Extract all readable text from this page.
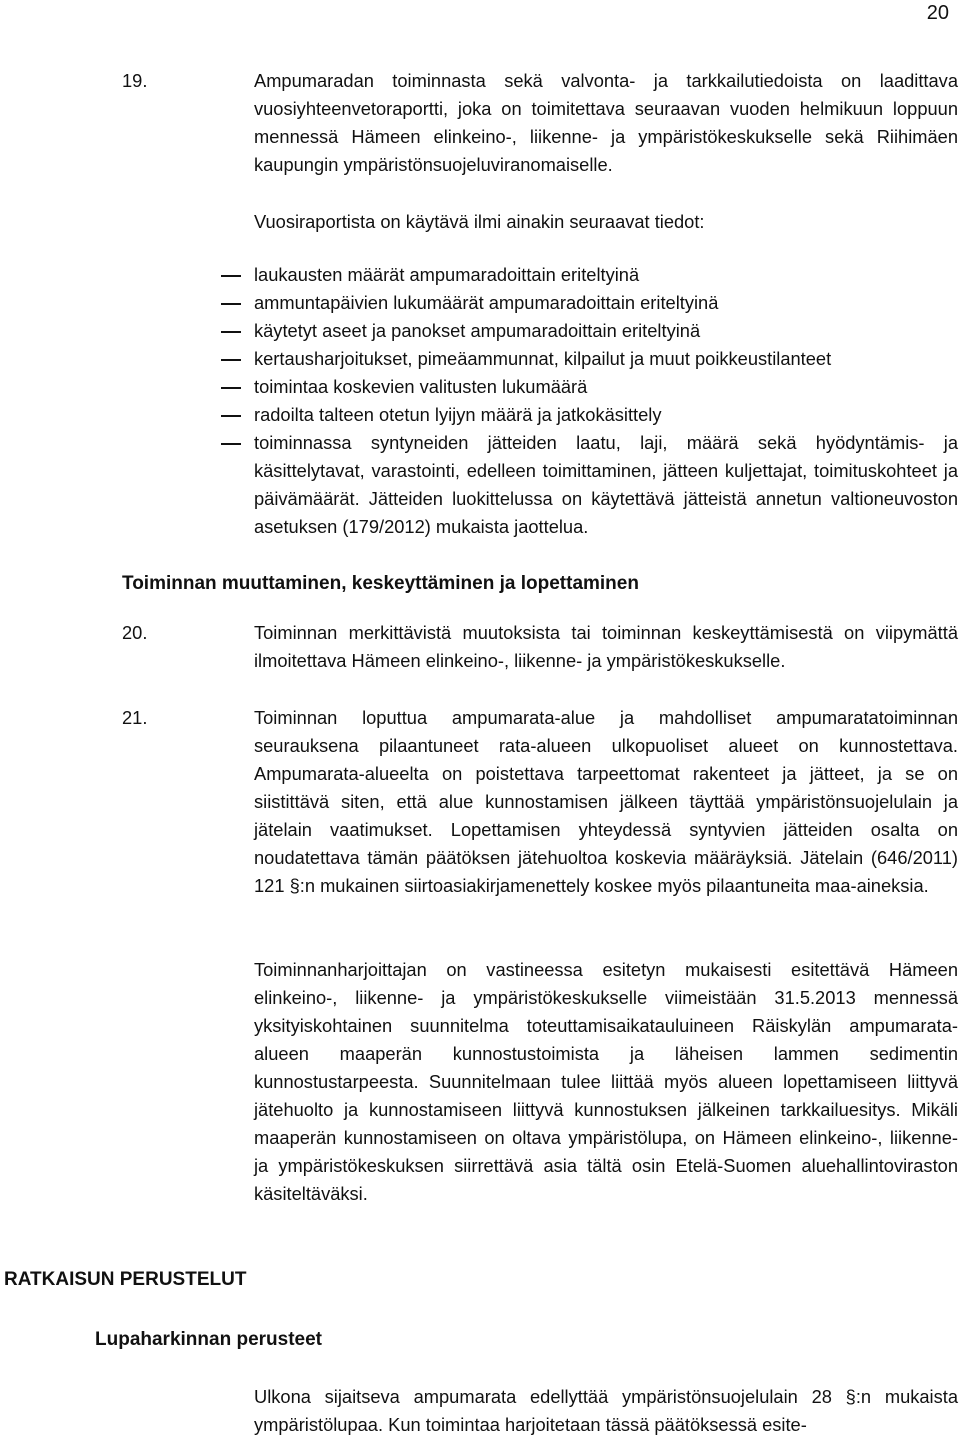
20
19.	Ampumaradan toiminnasta sekä valvonta- ja tarkkailutiedoista on laadittava vuosiyhteenvetoraportti, joka on toimitettava seuraavan vuoden helmikuun loppuun mennessä Hämeen elinkeino-, liikenne- ja ympäristökeskukselle sekä Riihimäen kaupungin ympäristönsuojeluviranomaiselle.
Vuosiraportista on käytävä ilmi ainakin seuraavat tiedot:
laukausten määrät ampumaradoittain eriteltyinä
ammuntapäivien lukumäärät ampumaradoittain eriteltyinä
käytetyt aseet ja panokset ampumaradoittain eriteltyinä
kertausharjoitukset, pimeäammunnat, kilpailut ja muut poikkeustilanteet
toimintaa koskevien valitusten lukumäärä
radoilta talteen otetun lyijyn määrä ja jatkokäsittely
toiminnassa syntyneiden jätteiden laatu, laji, määrä sekä hyödyntämis- ja käsittelytavat, varastointi, edelleen toimittaminen, jätteen kuljettajat, toimituskohteet ja päivämäärät. Jätteiden luokittelussa on käytettävä jätteistä annetun valtioneuvoston asetuksen (179/2012) mukaista jaottelua.
Toiminnan muuttaminen, keskeyttäminen ja lopettaminen
20.	Toiminnan merkittävistä muutoksista tai toiminnan keskeyttämisestä on viipymättä ilmoitettava Hämeen elinkeino-, liikenne- ja ympäristökeskukselle.
21.	Toiminnan loputtua ampumarata-alue ja mahdolliset ampumaratatoiminnan seurauksena pilaantuneet rata-alueen ulkopuoliset alueet on kunnostettava. Ampumarata-alueelta on poistettava tarpeettomat rakenteet ja jätteet, ja se on siistittävä siten, että alue kunnostamisen jälkeen täyttää ympäristönsuojelulain ja jätelain vaatimukset. Lopettamisen yhteydessä syntyvien jätteiden osalta on noudatettava tämän päätöksen jätehuoltoa koskevia määräyksiä. Jätelain (646/2011) 121 §:n mukainen siirtoasiakirjamenettely koskee myös pilaantuneita maa-aineksia.
Toiminnanharjoittajan on vastineessa esitetyn mukaisesti esitettävä Hämeen elinkeino-, liikenne- ja ympäristökeskukselle viimeistään 31.5.2013 mennessä yksityiskohtainen suunnitelma toteuttamisaikatauluineen Räiskylän ampumarata-alueen maaperän kunnostustoimista ja läheisen lammen sedimentin kunnostustarpeesta. Suunnitelmaan tulee liittää myös alueen lopettamiseen liittyvä jätehuolto ja kunnostamiseen liittyvä kunnostuksen jälkeinen tarkkailuesitys. Mikäli maaperän kunnostamiseen on oltava ympäristölupa, on Hämeen elinkeino-, liikenne- ja ympäristökeskuksen siirrettävä asia tältä osin Etelä-Suomen aluehallintoviraston käsiteltäväksi.
RATKAISUN PERUSTELUT
Lupaharkinnan perusteet
Ulkona sijaitseva ampumarata edellyttää ympäristönsuojelulain 28 §:n mukaista ympäristölupaa. Kun toimintaa harjoitetaan tässä päätöksessä esite-
